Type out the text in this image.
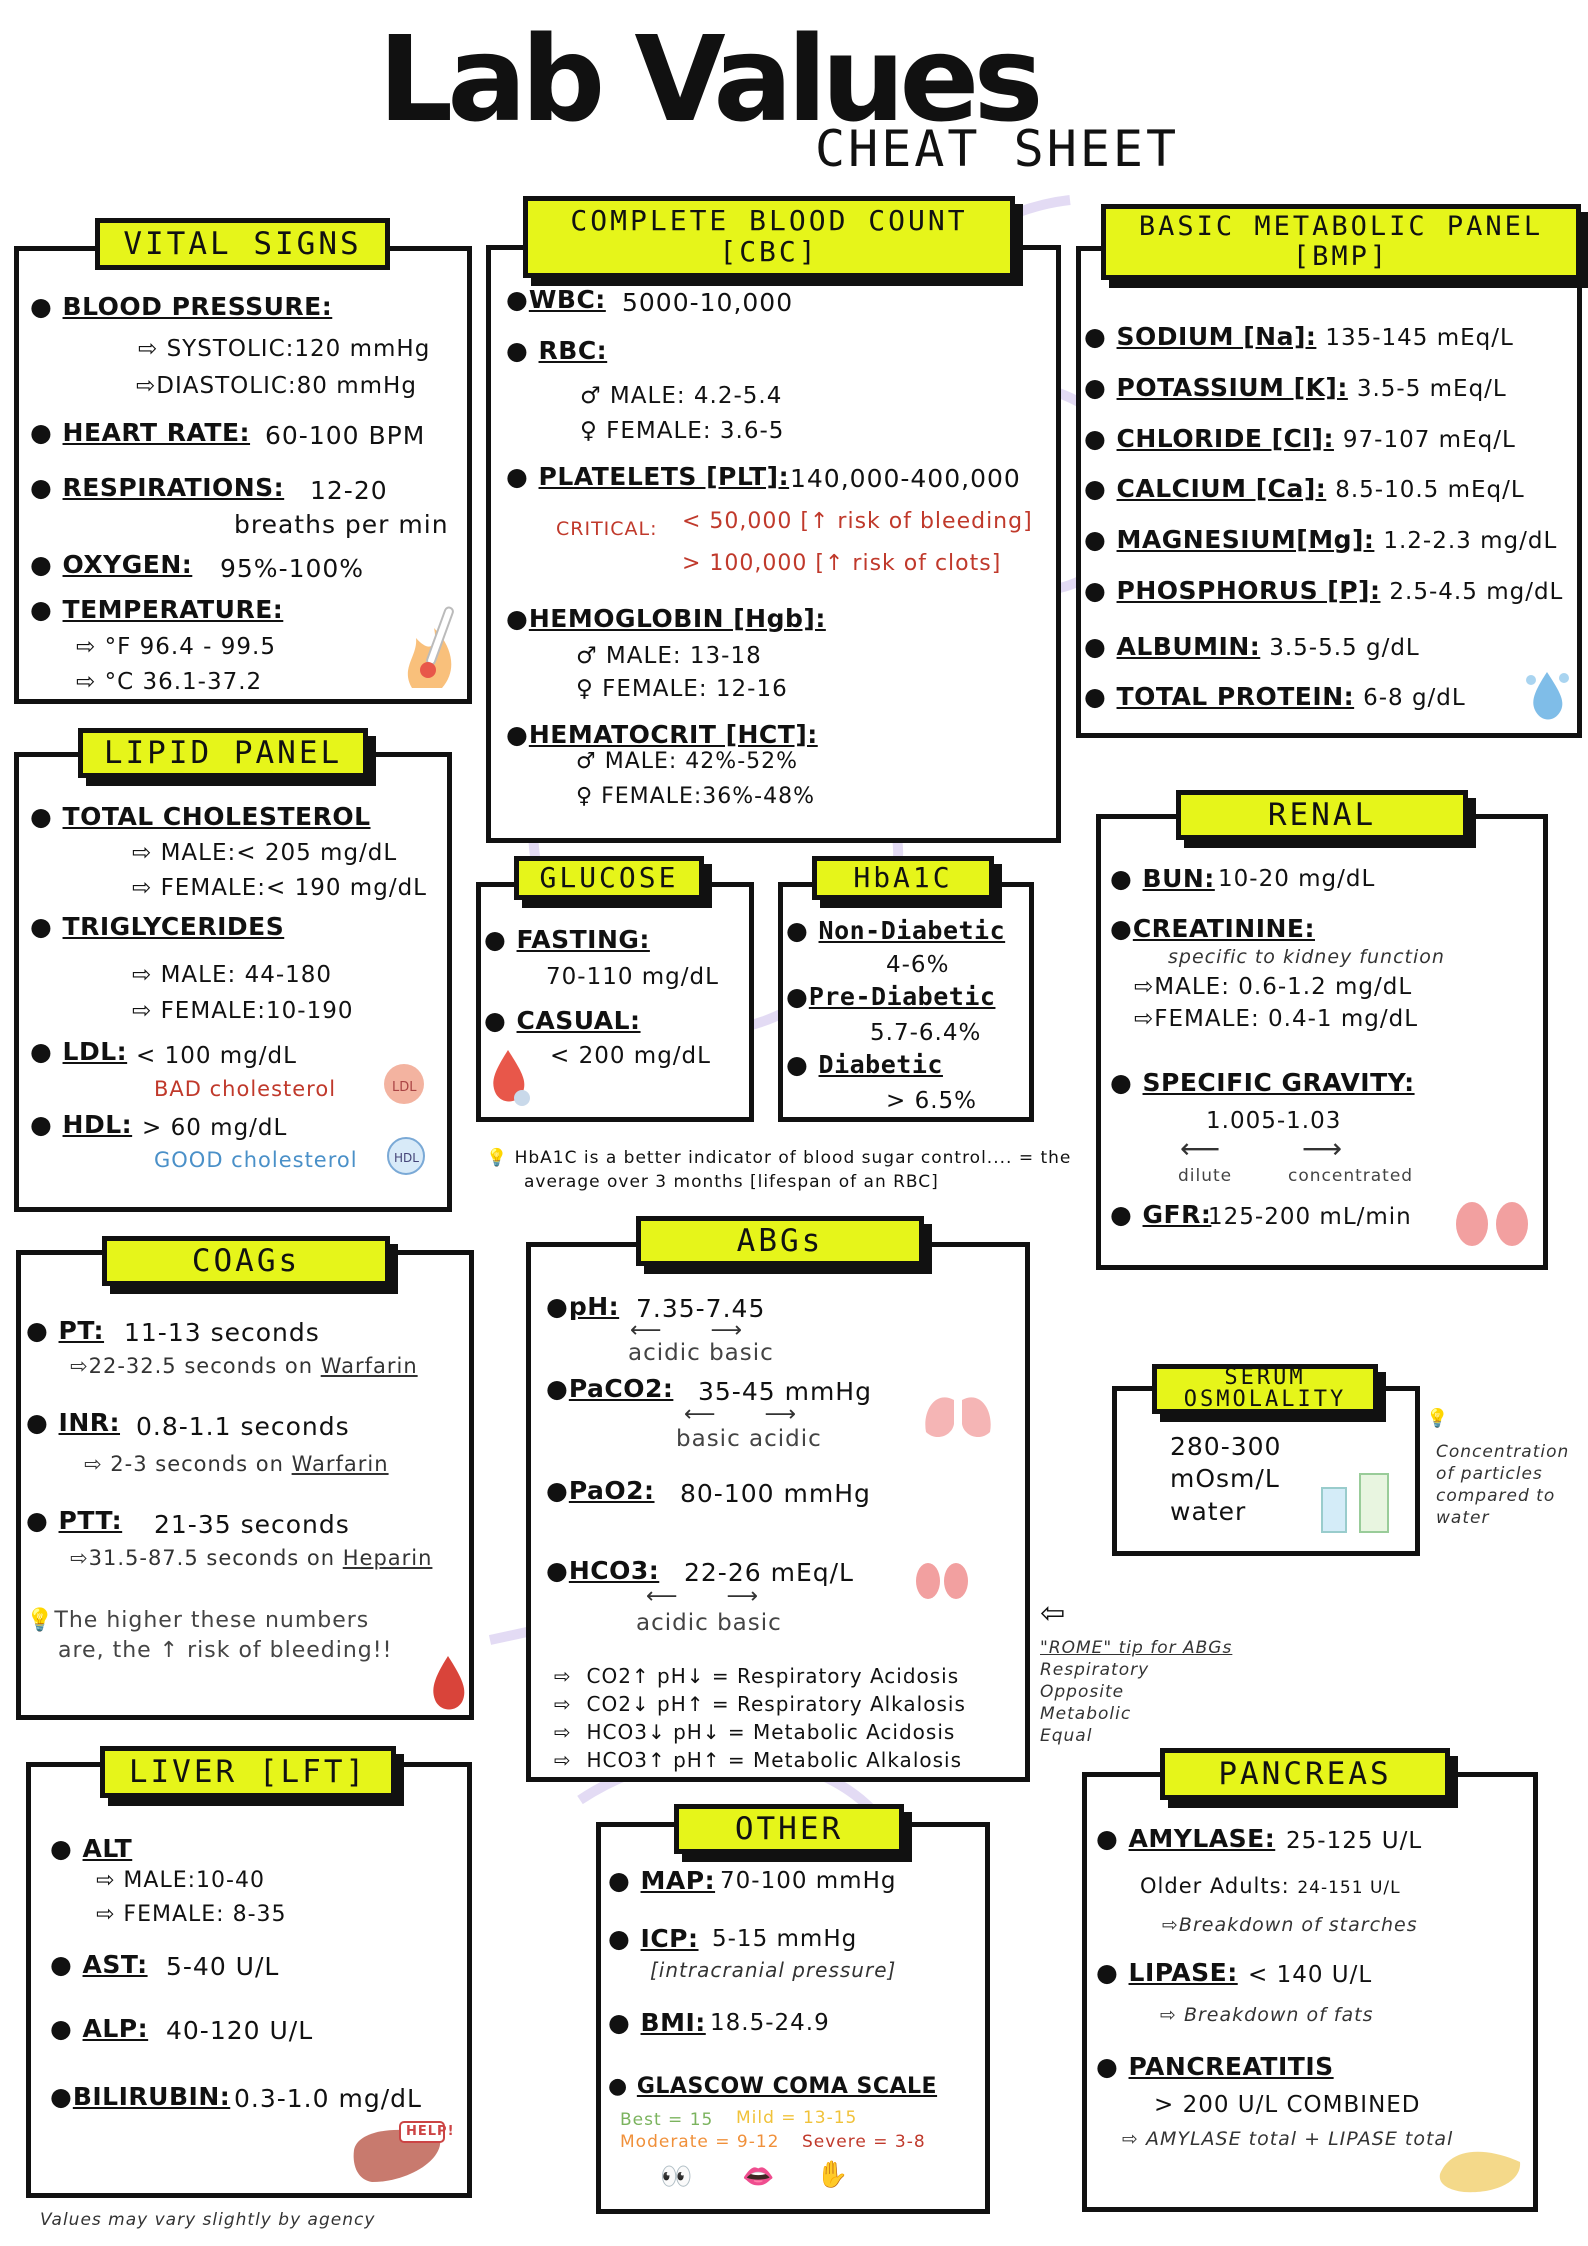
Lab Values
CHEAT SHEET
VITAL SIGNS
● BLOOD PRESSURE:
⇨ SYSTOLIC:120 mmHg
⇨DIASTOLIC:80 mmHg
● HEART RATE: 60-100 BPM
● RESPIRATIONS: 12-20
breaths per min
● OXYGEN: 95%-100%
● TEMPERATURE:
⇨ °F 96.4 - 99.5
⇨ °C 36.1-37.2
COMPLETE BLOOD COUNT
[CBC]
●WBC: 5000-10,000
● RBC:
♂ MALE: 4.2-5.4
♀ FEMALE: 3.6-5
● PLATELETS [PLT]: 140,000-400,000
CRITICAL: < 50,000 [↑ risk of bleeding]
> 100,000 [↑ risk of clots]
●HEMOGLOBIN [Hgb]:
♂ MALE: 13-18
♀ FEMALE: 12-16
●HEMATOCRIT [HCT]:
♂ MALE: 42%-52%
♀ FEMALE:36%-48%
BASIC METABOLIC PANEL
[BMP]
● SODIUM [Na]: 135-145 mEq/L
● POTASSIUM [K]: 3.5-5 mEq/L
● CHLORIDE [Cl]: 97-107 mEq/L
● CALCIUM [Ca]: 8.5-10.5 mEq/L
● MAGNESIUM[Mg]: 1.2-2.3 mg/dL
● PHOSPHORUS [P]: 2.5-4.5 mg/dL
● ALBUMIN: 3.5-5.5 g/dL
● TOTAL PROTEIN: 6-8 g/dL
LIPID PANEL
● TOTAL CHOLESTEROL
⇨ MALE:< 205 mg/dL
⇨ FEMALE:< 190 mg/dL
● TRIGLYCERIDES
⇨ MALE: 44-180
⇨ FEMALE:10-190
● LDL: < 100 mg/dL
BAD cholesterol
● HDL: > 60 mg/dL
GOOD cholesterol
LDL
HDL
GLUCOSE
● FASTING:
70-110 mg/dL
● CASUAL:
< 200 mg/dL
HbA1C
● Non-Diabetic
4-6%
●Pre-Diabetic
5.7-6.4%
● Diabetic
> 6.5%
💡 HbA1C is a better indicator of blood sugar control.... = the
average over 3 months [lifespan of an RBC]
RENAL
● BUN: 10-20 mg/dL
●CREATININE:
specific to kidney function
⇨MALE: 0.6-1.2 mg/dL
⇨FEMALE: 0.4-1 mg/dL
● SPECIFIC GRAVITY:
1.005-1.03
⟵	⟶
dilute	concentrated
● GFR:
125-200 mL/min
COAGs
● PT: 11-13 seconds
⇨22-32.5 seconds on Warfarin
● INR: 0.8-1.1 seconds
⇨ 2-3 seconds on Warfarin
● PTT: 21-35 seconds
⇨31.5-87.5 seconds on Heparin
💡The higher these numbers
are, the ↑ risk of bleeding!!
ABGs
●pH: 7.35-7.45
⟵      ⟶
acidic basic
●PaCO2: 35-45 mmHg
⟵      ⟶
basic acidic
●PaO2: 80-100 mmHg
●HCO3: 22-26 mEq/L
⟵      ⟶
acidic basic
⇨  CO2↑ pH↓ = Respiratory Acidosis
⇨  CO2↓ pH↑ = Respiratory Alkalosis
⇨  HCO3↓ pH↓ = Metabolic Acidosis
⇨  HCO3↑ pH↑ = Metabolic Alkalosis
⇦
"ROME" tip for ABGs
Respiratory
Opposite
Metabolic
Equal
SERUM
OSMOLALITY
280-300
mOsm/L
water
💡
Concentration
of particles
compared to
water
LIVER [LFT]
● ALT
⇨ MALE:10-40
⇨ FEMALE: 8-35
● AST: 5-40 U/L
● ALP: 40-120 U/L
●BILIRUBIN: 0.3-1.0 mg/dL
HELP!
OTHER
● MAP: 70-100 mmHg
● ICP: 5-15 mmHg
[intracranial pressure]
● BMI: 18.5-24.9
● GLASCOW COMA SCALE
Best = 15 Mild = 13-15
Moderate = 9-12 Severe = 3-8
👀 👄 ✋
PANCREAS
● AMYLASE: 25-125 U/L
Older Adults: 24-151 U/L
⇨Breakdown of starches
● LIPASE: < 140 U/L
⇨ Breakdown of fats
● PANCREATITIS
> 200 U/L COMBINED
⇨ AMYLASE total + LIPASE total
Values may vary slightly by agency
